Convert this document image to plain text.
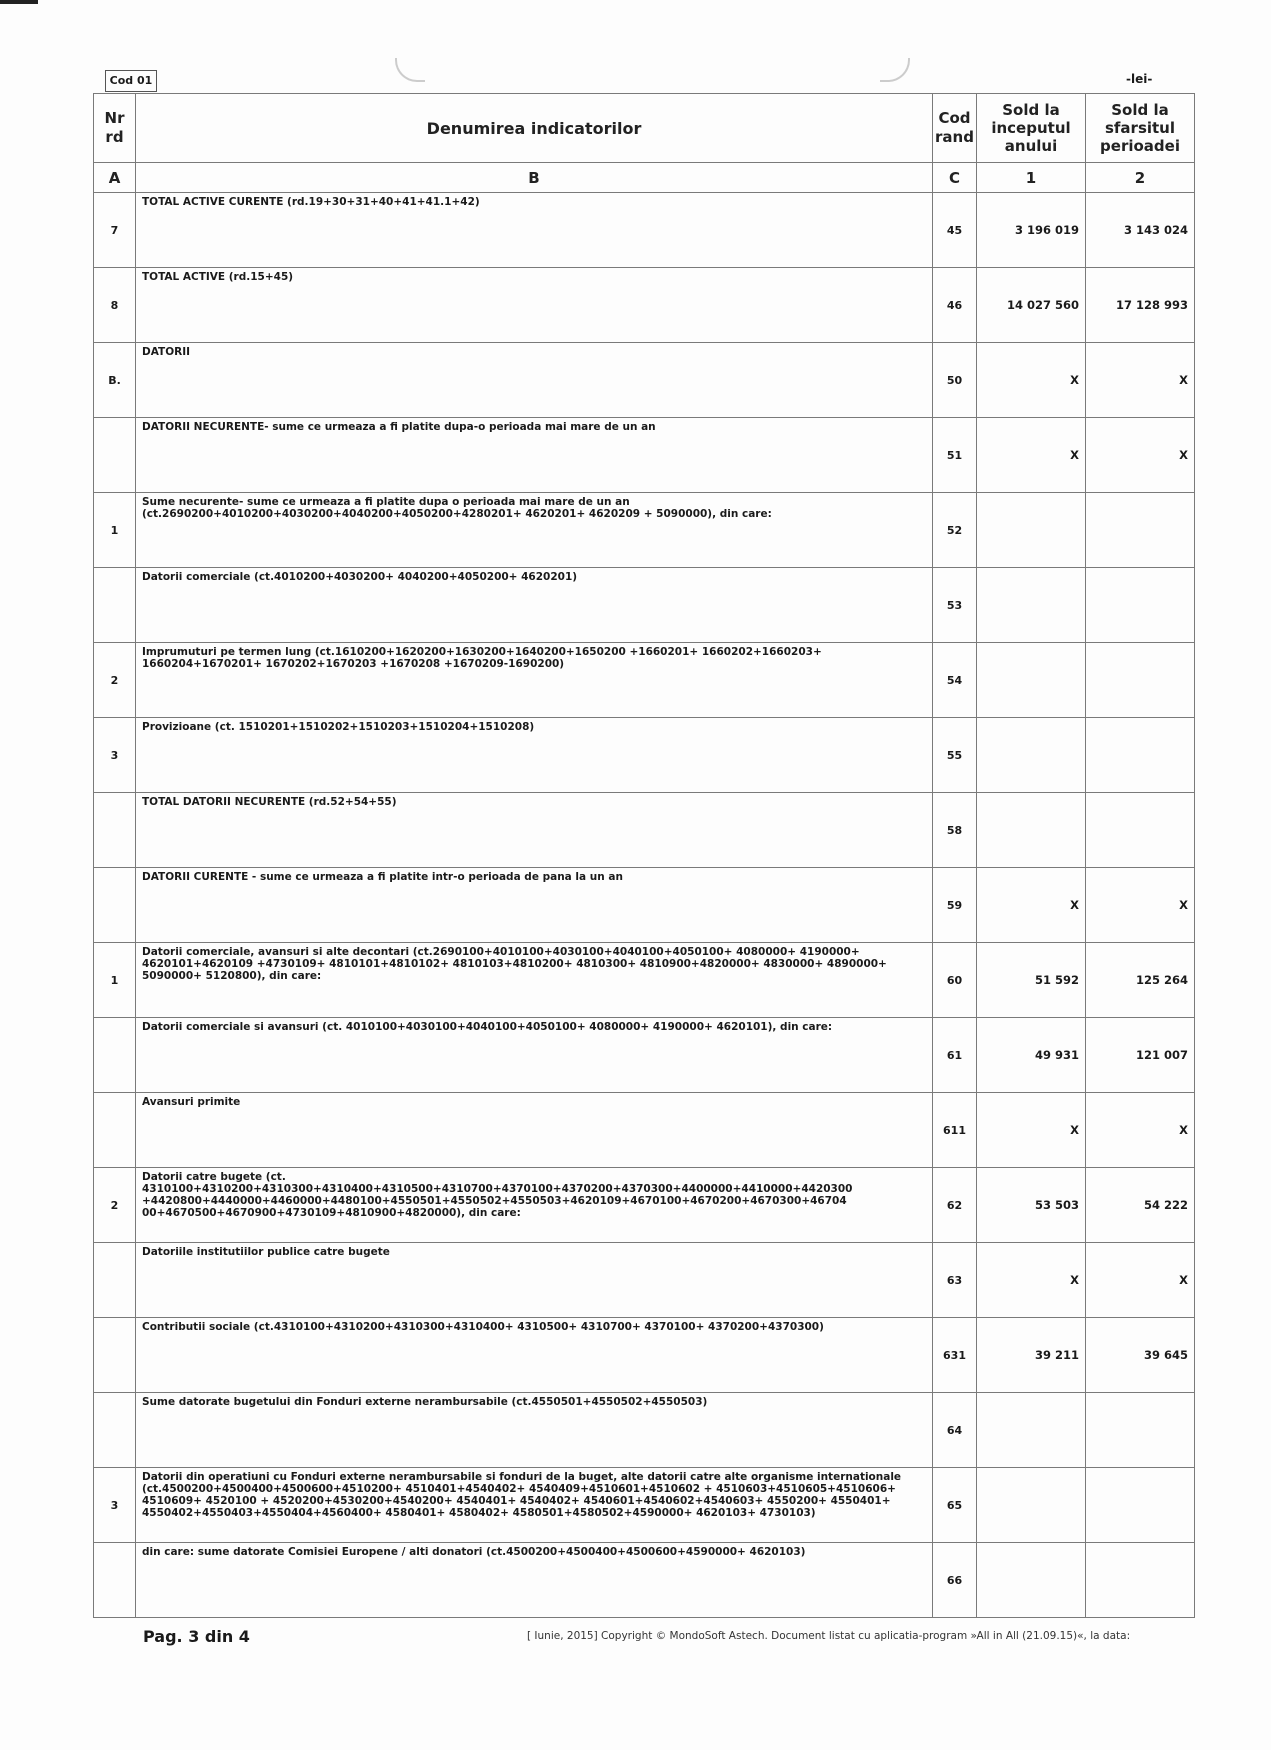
Cod 01	-lei-
Nr rd	Denumirea indicatorilor	Cod rand	Sold la inceputul anului	Sold la sfarsitul perioadei
A	B	C	1	2
7	TOTAL ACTIVE CURENTE (rd.19+30+31+40+41+41.1+42)	45	3 196 019	3 143 024
8	TOTAL ACTIVE (rd.15+45)	46	14 027 560	17 128 993
B.	DATORII	50	X	X
	DATORII NECURENTE- sume ce urmeaza a fi platite dupa-o perioada mai mare de un an	51	X	X
1	Sume necurente- sume ce urmeaza a fi platite dupa o perioada mai mare de un an (ct.2690200+4010200+4030200+4040200+4050200+4280201+ 4620201+ 4620209 + 5090000), din care:	52		
	Datorii comerciale (ct.4010200+4030200+ 4040200+4050200+ 4620201)	53		
2	Imprumuturi pe termen lung (ct.1610200+1620200+1630200+1640200+1650200 +1660201+ 1660202+1660203+ 1660204+1670201+ 1670202+1670203 +1670208 +1670209-1690200)	54		
3	Provizioane (ct. 1510201+1510202+1510203+1510204+1510208)	55		
	TOTAL DATORII NECURENTE (rd.52+54+55)	58		
	DATORII CURENTE - sume ce urmeaza a fi platite intr-o perioada de pana la un an	59	X	X
1	Datorii comerciale, avansuri si alte decontari (ct.2690100+4010100+4030100+4040100+4050100+ 4080000+ 4190000+ 4620101+4620109 +4730109+ 4810101+4810102+ 4810103+4810200+ 4810300+ 4810900+4820000+ 4830000+ 4890000+ 5090000+ 5120800), din care:	60	51 592	125 264
	Datorii comerciale si avansuri (ct. 4010100+4030100+4040100+4050100+ 4080000+ 4190000+ 4620101), din care:	61	49 931	121 007
	Avansuri primite	611	X	X
2	Datorii catre bugete (ct. 4310100+4310200+4310300+4310400+4310500+4310700+4370100+4370200+4370300+4400000+4410000+4420300 +4420800+4440000+4460000+4480100+4550501+4550502+4550503+4620109+4670100+4670200+4670300+46704 00+4670500+4670900+4730109+4810900+4820000), din care:	62	53 503	54 222
	Datoriile institutiilor publice catre bugete	63	X	X
	Contributii sociale (ct.4310100+4310200+4310300+4310400+ 4310500+ 4310700+ 4370100+ 4370200+4370300)	631	39 211	39 645
	Sume datorate bugetului din Fonduri externe nerambursabile (ct.4550501+4550502+4550503)	64		
3	Datorii din operatiuni cu Fonduri externe nerambursabile si fonduri de la buget, alte datorii catre alte organisme internationale (ct.4500200+4500400+4500600+4510200+ 4510401+4540402+ 4540409+4510601+4510602 + 4510603+4510605+4510606+ 4510609+ 4520100 + 4520200+4530200+4540200+ 4540401+ 4540402+ 4540601+4540602+4540603+ 4550200+ 4550401+ 4550402+4550403+4550404+4560400+ 4580401+ 4580402+ 4580501+4580502+4590000+ 4620103+ 4730103)	65		
	din care: sume datorate Comisiei Europene / alti donatori (ct.4500200+4500400+4500600+4590000+ 4620103)	66		
Pag. 3 din 4	[ Iunie, 2015] Copyright © MondoSoft Astech. Document listat cu aplicatia-program »All in All (21.09.15)«, la data:
